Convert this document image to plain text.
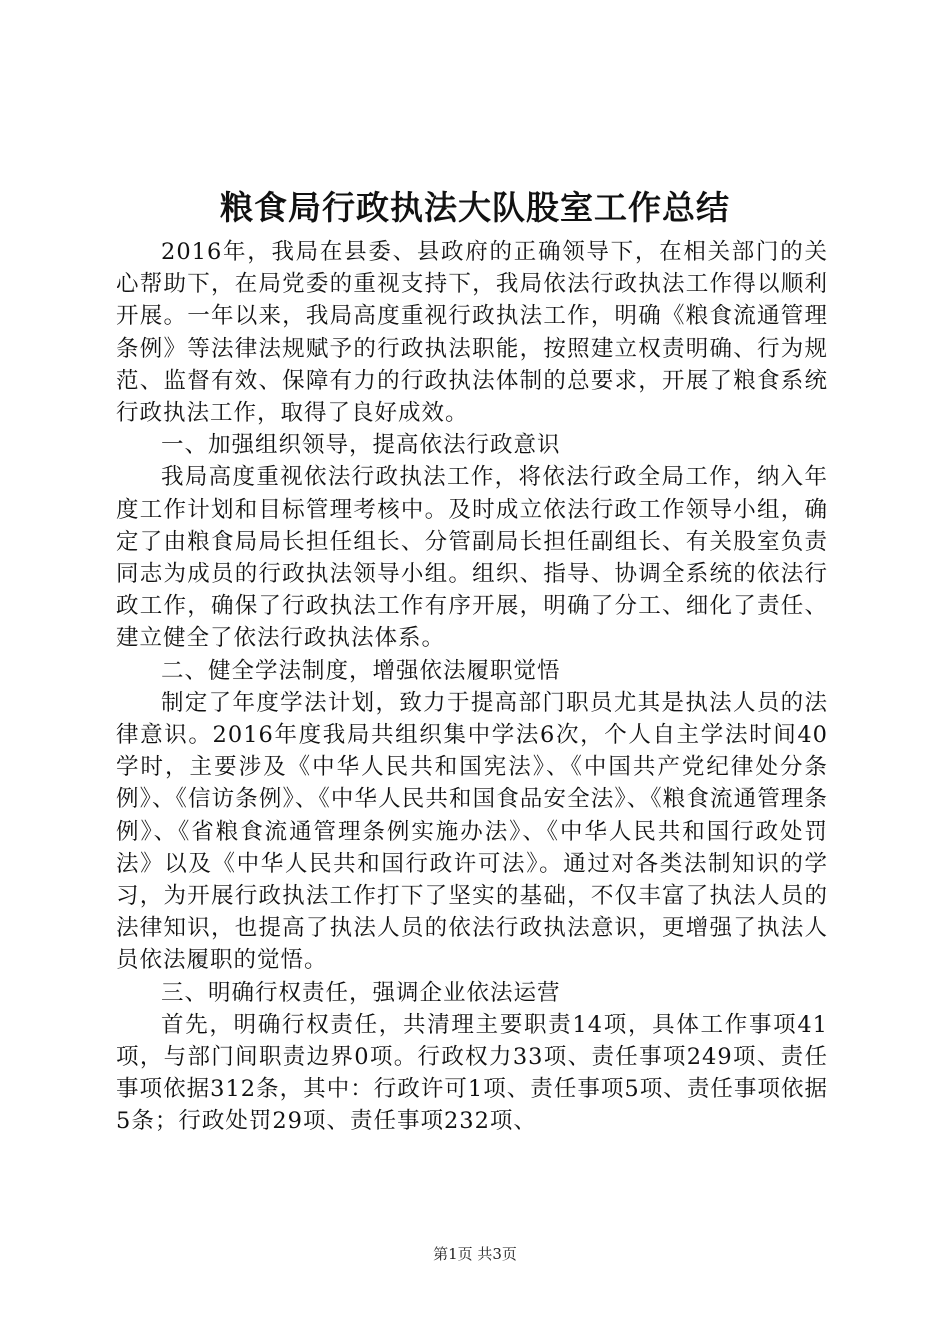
粮食局行政执法大队股室工作总结

2016年，我局在县委、县政府的正确领导下，在相关部门的关心帮助下，在局党委的重视支持下，我局依法行政执法工作得以顺利开展。一年以来，我局高度重视行政执法工作，明确《粮食流通管理条例》等法律法规赋予的行政执法职能，按照建立权责明确、行为规范、监督有效、保障有力的行政执法体制的总要求，开展了粮食系统行政执法工作，取得了良好成效。

一、加强组织领导，提高依法行政意识

我局高度重视依法行政执法工作，将依法行政全局工作，纳入年度工作计划和目标管理考核中。及时成立依法行政工作领导小组，确定了由粮食局局长担任组长、分管副局长担任副组长、有关股室负责同志为成员的行政执法领导小组。组织、指导、协调全系统的依法行政工作，确保了行政执法工作有序开展，明确了分工、细化了责任、建立健全了依法行政执法体系。

二、健全学法制度，增强依法履职觉悟

制定了年度学法计划，致力于提高部门职员尤其是执法人员的法律意识。2016年度我局共组织集中学法6次，个人自主学法时间40学时，主要涉及《中华人民共和国宪法》、《中国共产党纪律处分条例》、《信访条例》、《中华人民共和国食品安全法》、《粮食流通管理条例》、《省粮食流通管理条例实施办法》、《中华人民共和国行政处罚法》以及《中华人民共和国行政许可法》。通过对各类法制知识的学习，为开展行政执法工作打下了坚实的基础，不仅丰富了执法人员的法律知识，也提高了执法人员的依法行政执法意识，更增强了执法人员依法履职的觉悟。

三、明确行权责任，强调企业依法运营

首先，明确行权责任，共清理主要职责14项，具体工作事项41项，与部门间职责边界0项。行政权力33项、责任事项249项、责任事项依据312条，其中：行政许可1项、责任事项5项、责任事项依据5条；行政处罚29项、责任事项232项、

第1页 共3页
